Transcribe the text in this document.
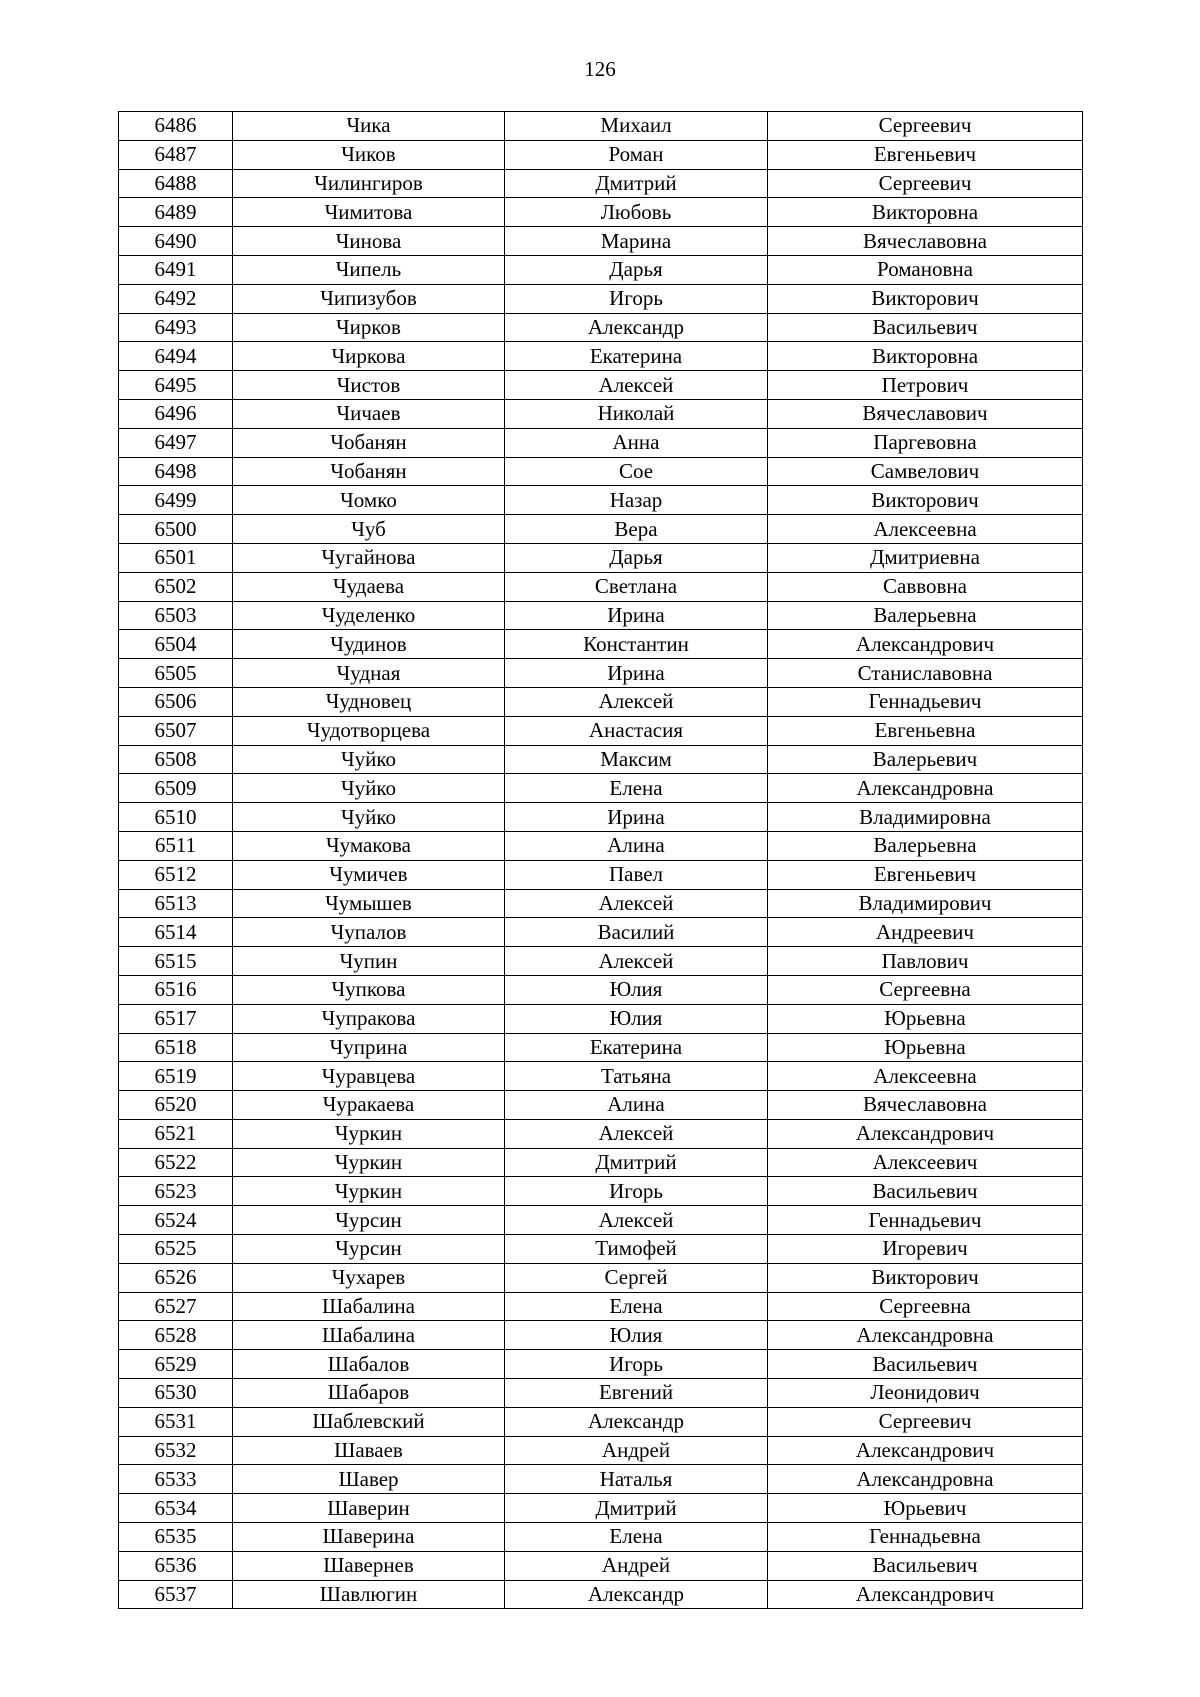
126
6486	Чика	Михаил	Сергеевич
6487	Чиков	Роман	Евгеньевич
6488	Чилингиров	Дмитрий	Сергеевич
6489	Чимитова	Любовь	Викторовна
6490	Чинова	Марина	Вячеславовна
6491	Чипель	Дарья	Романовна
6492	Чипизубов	Игорь	Викторович
6493	Чирков	Александр	Васильевич
6494	Чиркова	Екатерина	Викторовна
6495	Чистов	Алексей	Петрович
6496	Чичаев	Николай	Вячеславович
6497	Чобанян	Анна	Паргевовна
6498	Чобанян	Сое	Самвелович
6499	Чомко	Назар	Викторович
6500	Чуб	Вера	Алексеевна
6501	Чугайнова	Дарья	Дмитриевна
6502	Чудаева	Светлана	Саввовна
6503	Чуделенко	Ирина	Валерьевна
6504	Чудинов	Константин	Александрович
6505	Чудная	Ирина	Станиславовна
6506	Чудновец	Алексей	Геннадьевич
6507	Чудотворцева	Анастасия	Евгеньевна
6508	Чуйко	Максим	Валерьевич
6509	Чуйко	Елена	Александровна
6510	Чуйко	Ирина	Владимировна
6511	Чумакова	Алина	Валерьевна
6512	Чумичев	Павел	Евгеньевич
6513	Чумышев	Алексей	Владимирович
6514	Чупалов	Василий	Андреевич
6515	Чупин	Алексей	Павлович
6516	Чупкова	Юлия	Сергеевна
6517	Чупракова	Юлия	Юрьевна
6518	Чуприна	Екатерина	Юрьевна
6519	Чуравцева	Татьяна	Алексеевна
6520	Чуракаева	Алина	Вячеславовна
6521	Чуркин	Алексей	Александрович
6522	Чуркин	Дмитрий	Алексеевич
6523	Чуркин	Игорь	Васильевич
6524	Чурсин	Алексей	Геннадьевич
6525	Чурсин	Тимофей	Игоревич
6526	Чухарев	Сергей	Викторович
6527	Шабалина	Елена	Сергеевна
6528	Шабалина	Юлия	Александровна
6529	Шабалов	Игорь	Васильевич
6530	Шабаров	Евгений	Леонидович
6531	Шаблевский	Александр	Сергеевич
6532	Шаваев	Андрей	Александрович
6533	Шавер	Наталья	Александровна
6534	Шаверин	Дмитрий	Юрьевич
6535	Шаверина	Елена	Геннадьевна
6536	Шавернев	Андрей	Васильевич
6537	Шавлюгин	Александр	Александрович
